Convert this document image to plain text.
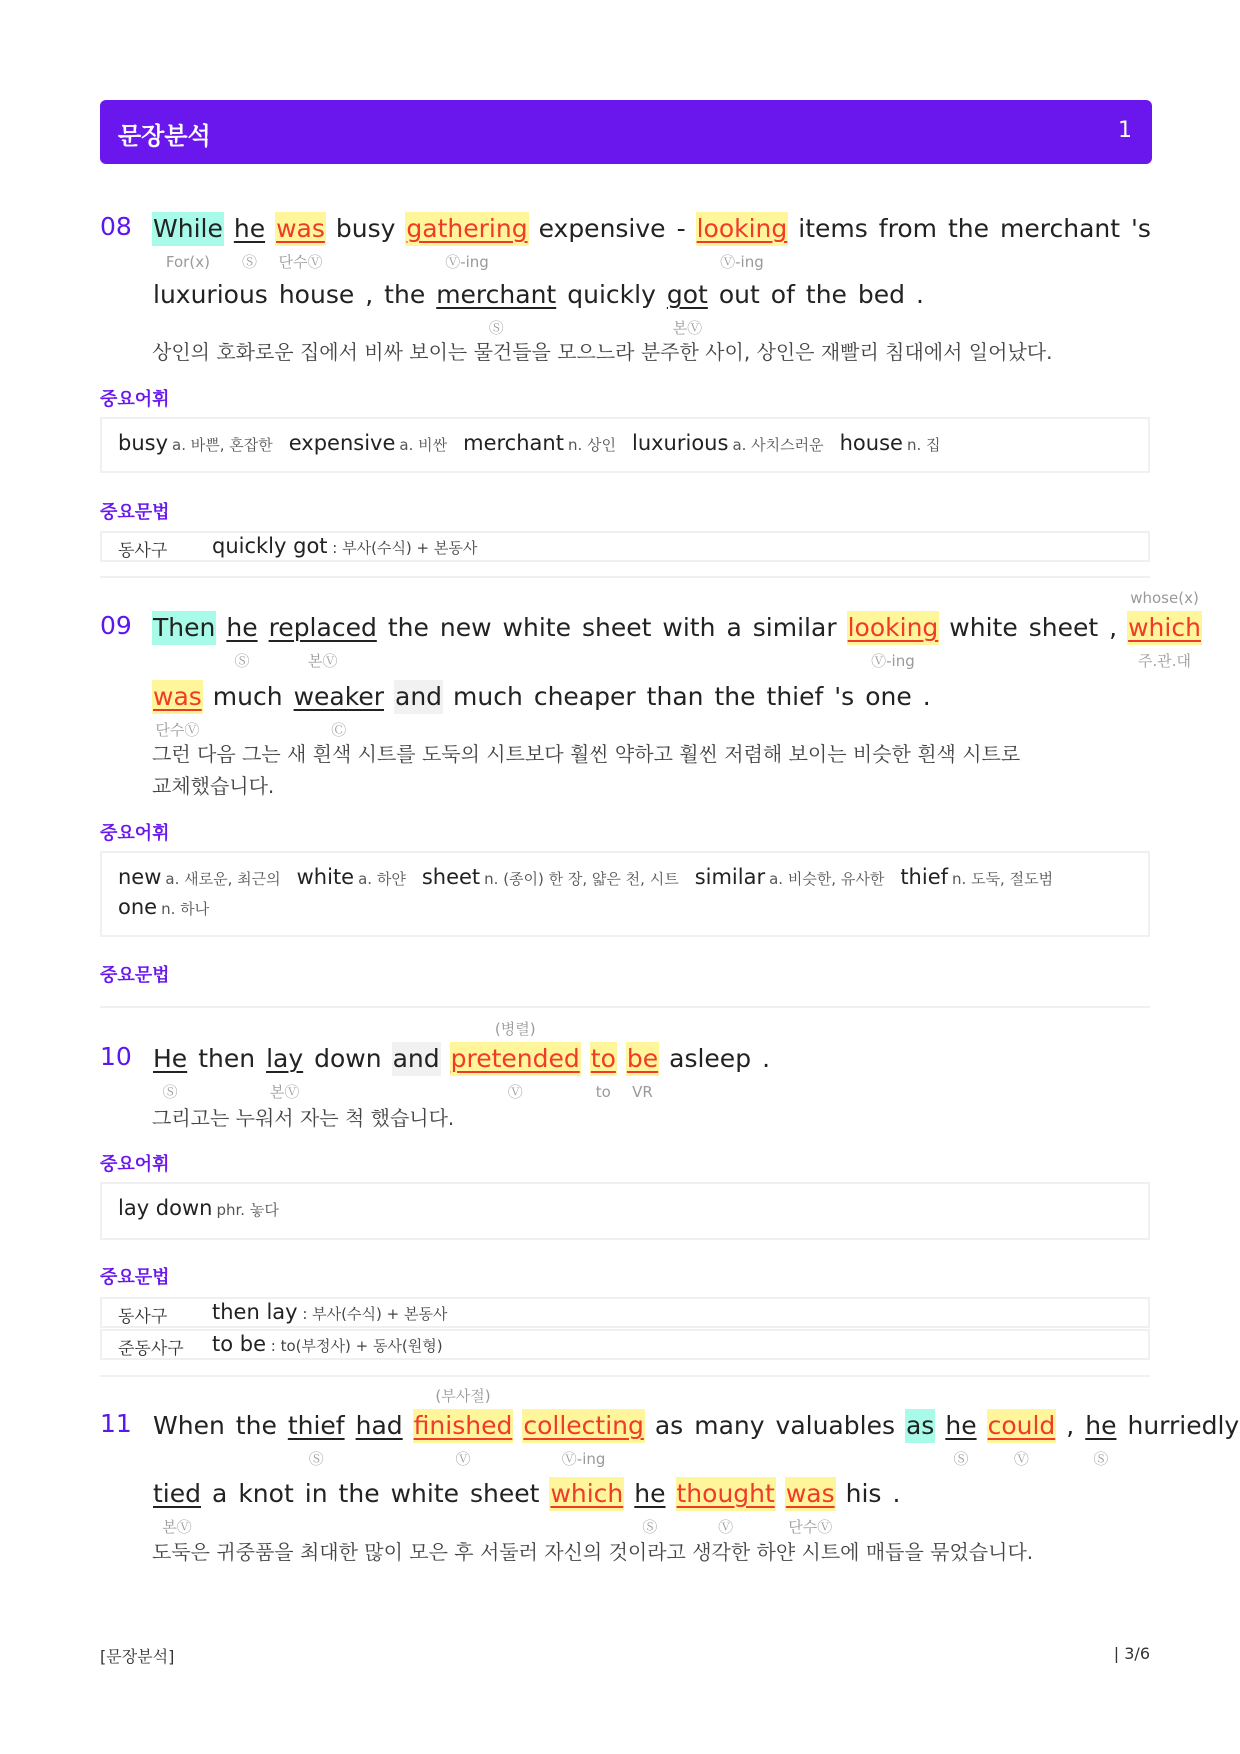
문장분석	1
08 While
For(x)
he
Ⓢ
was
단수Ⓥ
busy gathering
Ⓥ-ing
expensive - looking
Ⓥ-ing
items from the merchant 's
luxurious house , the merchant
Ⓢ
quickly got
본Ⓥ
out of the bed .
상인의 호화로운 집에서 비싸 보이는 물건들을 모으느라 분주한 사이, 상인은 재빨리 침대에서 일어났다.
중요어휘
busy a. 바쁜, 혼잡한 expensive a. 비싼 merchant n. 상인 luxurious a. 사치스러운 house n. 집
중요문법
동사구 quickly got : 부사(수식) + 본동사
09 Then he
Ⓢ
replaced
본Ⓥ
the new white sheet with a similar looking
Ⓥ-ing
white sheet , which
주.관.대
whose(x)
was
단수Ⓥ
much weaker
Ⓒ
and much cheaper than the thief 's one .
그런 다음 그는 새 흰색 시트를 도둑의 시트보다 훨씬 약하고 훨씬 저렴해 보이는 비슷한 흰색 시트로
교체했습니다.
중요어휘
new a. 새로운, 최근의 white a. 하얀 sheet n. (종이) 한 장, 얇은 천, 시트 similar a. 비슷한, 유사한 thief n. 도둑, 절도범one n. 하나
중요문법
10 He
Ⓢ
then lay
본Ⓥ
down and pretended
Ⓥ
(병렬)
to
to
be
VR
asleep .
그리고는 누워서 자는 척 했습니다.
중요어휘
lay down phr. 놓다
중요문법
동사구 then lay : 부사(수식) + 본동사
준동사구 to be : to(부정사) + 동사(원형)
11 When the thief
Ⓢ
had finished
Ⓥ
(부사절)
collecting
Ⓥ-ing
as many valuables as he
Ⓢ
could
Ⓥ
, he
Ⓢ
hurriedly
tied
본Ⓥ
a knot in the white sheet which he
Ⓢ
thought
Ⓥ
was
단수Ⓥ
his .
도둑은 귀중품을 최대한 많이 모은 후 서둘러 자신의 것이라고 생각한 하얀 시트에 매듭을 묶었습니다.
[문장분석]	| 3/6
